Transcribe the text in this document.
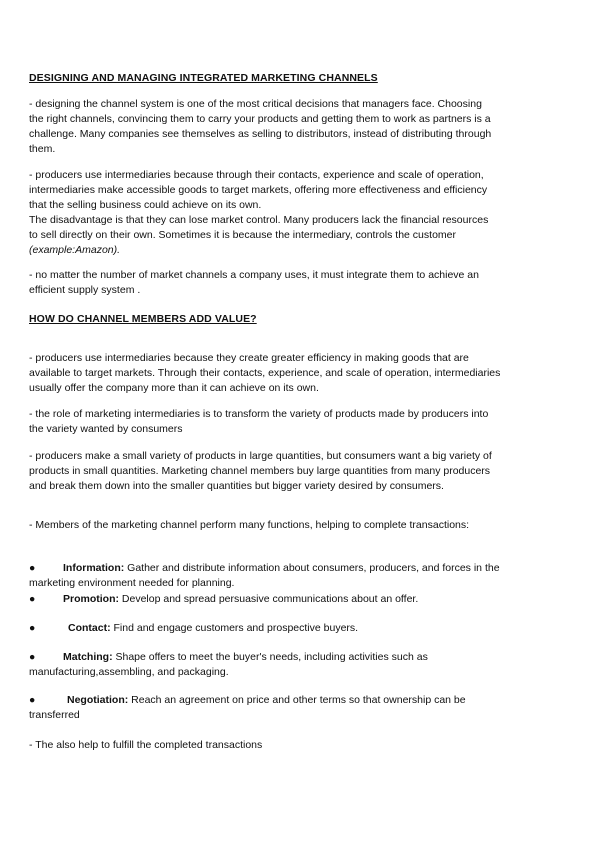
DESIGNING AND MANAGING INTEGRATED MARKETING CHANNELS
- designing the channel system is one of the most critical decisions that managers face. Choosing
the right channels, convincing them to carry your products and getting them to work as partners is a
challenge. Many companies see themselves as selling to distributors, instead of distributing through
them.
- producers use intermediaries because through their contacts, experience and scale of operation,
intermediaries make accessible goods to target markets, offering more effectiveness and efficiency
that the selling business could achieve on its own.
The disadvantage is that they can lose market control. Many producers lack the financial resources
to sell directly on their own. Sometimes it is because the intermediary, controls the customer
(example:Amazon).
- no matter the number of market channels a company uses, it must integrate them to achieve an
efficient supply system .
HOW DO CHANNEL MEMBERS ADD VALUE?
- producers use intermediaries because they create greater efficiency in making goods that are
available to target markets. Through their contacts, experience, and scale of operation, intermediaries
usually offer the company more than it can achieve on its own.
- the role of marketing intermediaries is to transform the variety of products made by producers into
the variety wanted by consumers
- producers make a small variety of products in large quantities, but consumers want a big variety of
products in small quantities. Marketing channel members buy large quantities from many producers
and break them down into the smaller quantities but bigger variety desired by consumers.
- Members of the marketing channel perform many functions, helping to complete transactions:
●	Information: Gather and distribute information about consumers, producers, and forces in the
marketing environment needed for planning.
●	Promotion: Develop and spread persuasive communications about an offer.
●	Contact: Find and engage customers and prospective buyers.
●	Matching: Shape offers to meet the buyer's needs, including activities such as
manufacturing,assembling, and packaging.
●	Negotiation: Reach an agreement on price and other terms so that ownership can be
transferred
- The also help to fulfill the completed transactions
